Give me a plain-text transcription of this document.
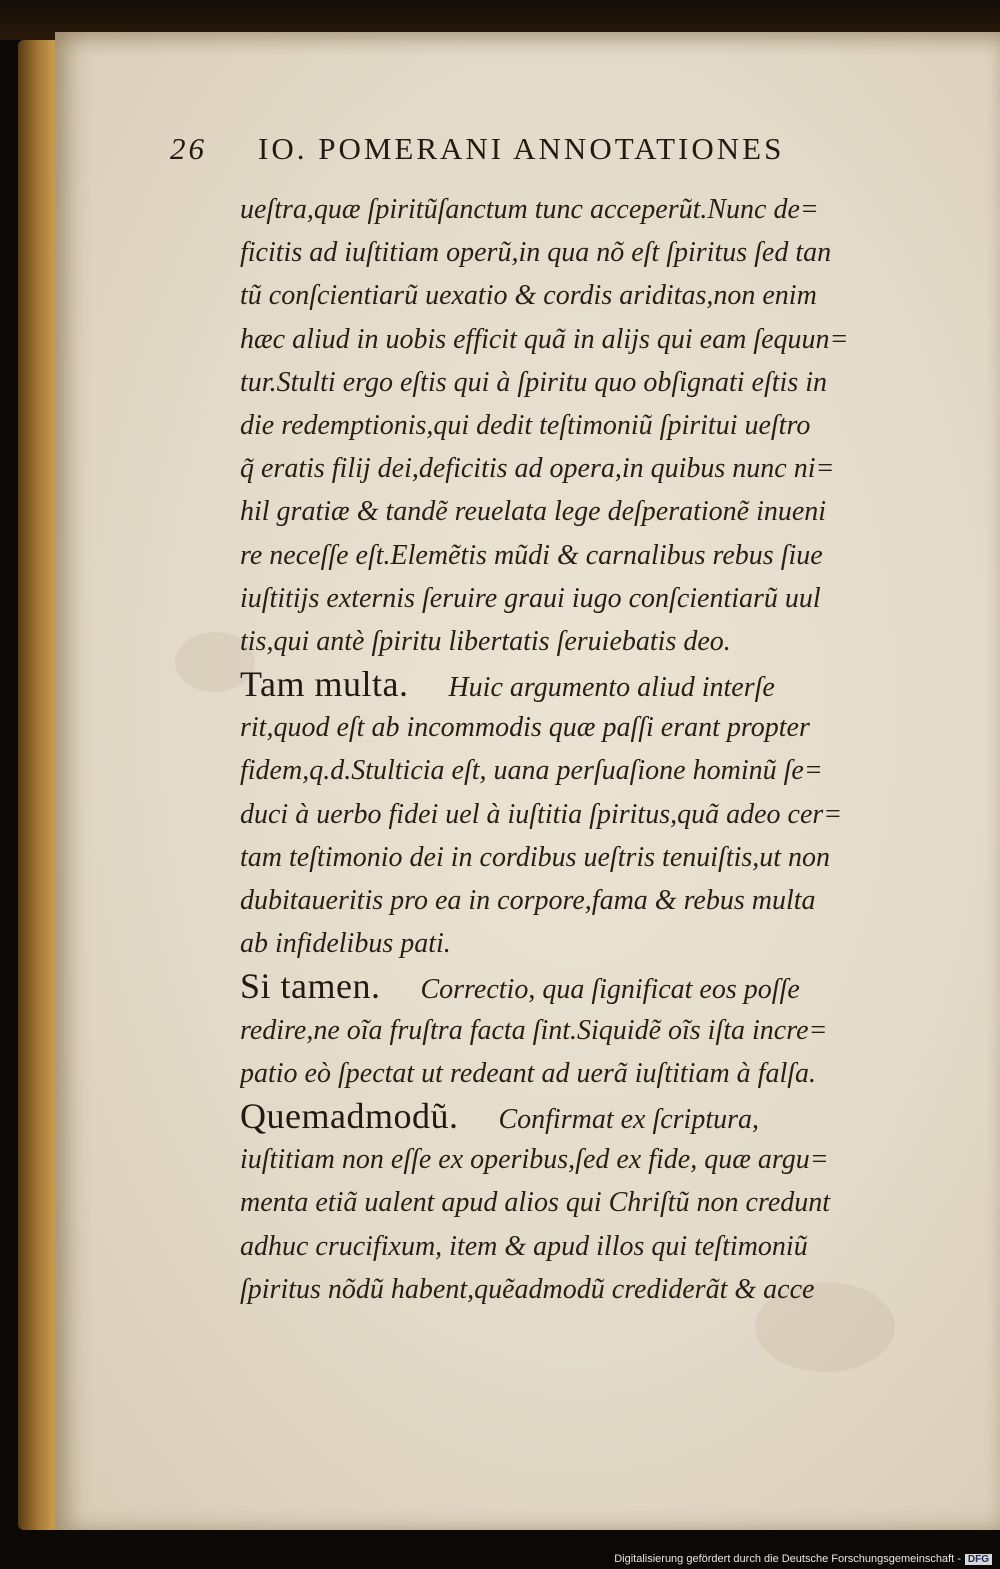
26 IO. POMERANI ANNOTATIONES
ueſtra,quæ ſpiritũſanctum tunc acceperũt.Nunc de=
ficitis ad iuſtitiam operũ,in qua nõ eſt ſpiritus ſed tan
tũ conſcientiarũ uexatio & cordis ariditas,non enim
hæc aliud in uobis efficit quã in alijs qui eam ſequun=
tur.Stulti ergo eſtis qui à ſpiritu quo obſignati eſtis in
die redemptionis,qui dedit teſtimoniũ ſpiritui ueſtro
q̃ eratis filij dei,deficitis ad opera,in quibus nunc ni=
hil gratiæ & tandẽ reuelata lege deſperationẽ inueni
re neceſſe eſt.Elemẽtis mũdi & carnalibus rebus ſiue
iuſtitijs externis ſeruire graui iugo conſcientiarũ uul
tis,qui antè ſpiritu libertatis ſeruiebatis deo.
Tam multa. Huic argumento aliud interſe
rit,quod eſt ab incommodis quæ paſſi erant propter
fidem,q.d.Stulticia eſt, uana perſuaſione hominũ ſe=
duci à uerbo fidei uel à iuſtitia ſpiritus,quã adeo cer=
tam teſtimonio dei in cordibus ueſtris tenuiſtis,ut non
dubitaueritis pro ea in corpore,fama & rebus multa
ab infidelibus pati.
Si tamen. Correctio, qua ſignificat eos poſſe
redire,ne oĩa fruſtra facta ſint.Siquidẽ oĩs iſta incre=
patio eò ſpectat ut redeant ad uerã iuſtitiam à falſa.
Quemadmodũ. Confirmat ex ſcriptura,
iuſtitiam non eſſe ex operibus,ſed ex fide, quæ argu=
menta etiã ualent apud alios qui Chriſtũ non credunt
adhuc crucifixum, item & apud illos qui teſtimoniũ
ſpiritus nõdũ habent,quẽadmodũ crediderãt & acce
Digitalisierung gefördert durch die Deutsche Forschungsgemeinschaft - DFG
